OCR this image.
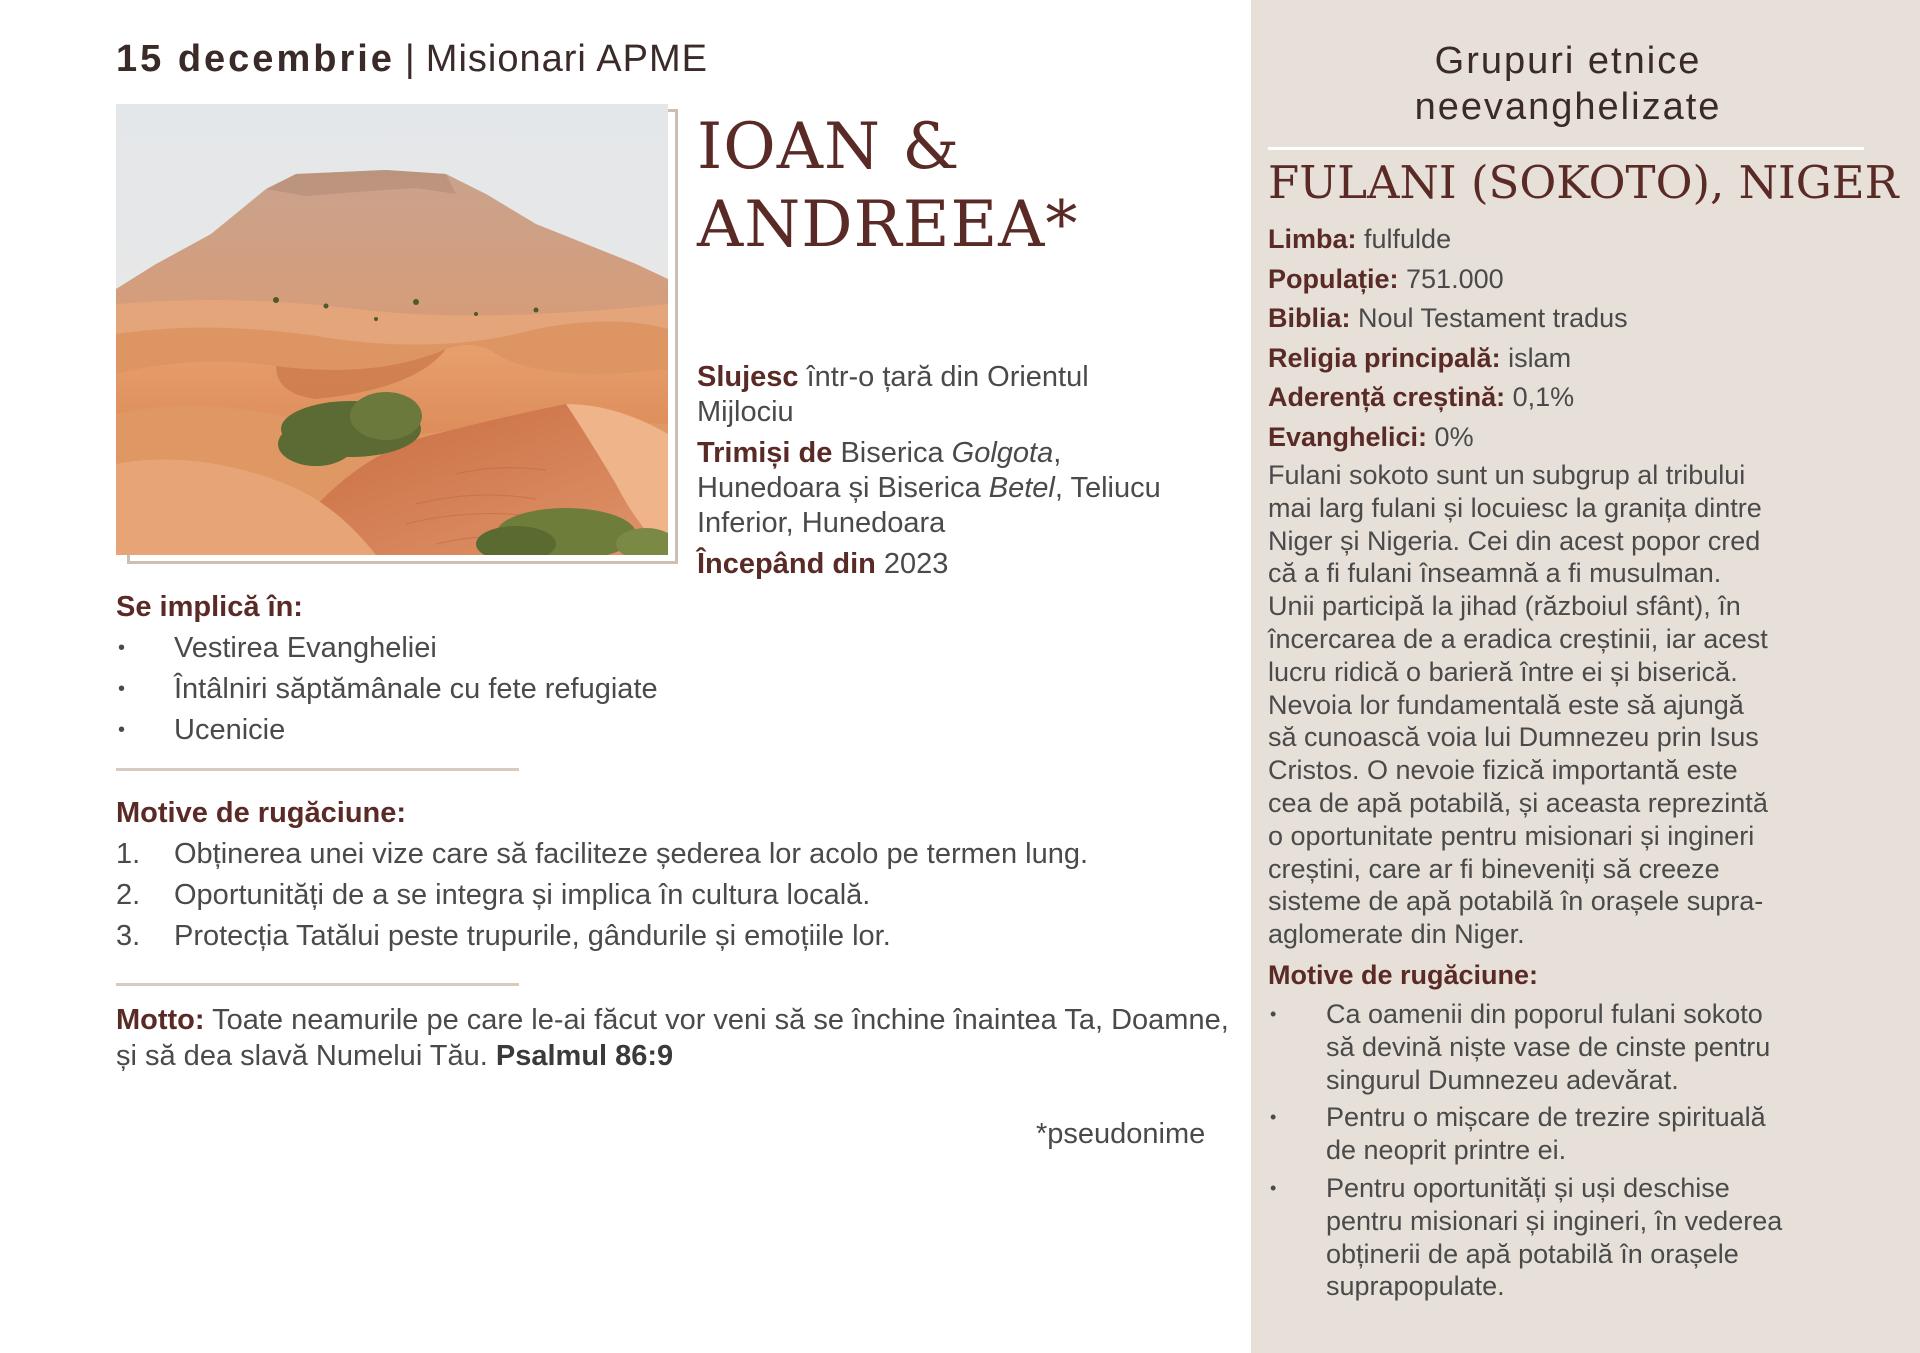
15 decembrie | Misionari APME
IOAN &
ANDREEA*

Slujesc într-o țară din Orientul
Mijlociu

Trimiși de Biserica Golgota,
Hunedoara și Biserica Betel, Teliucu
Inferior, Hunedoara

Începând din 2023

Se implică în:
• Vestirea Evangheliei
• Întâlniri săptămânale cu fete refugiate
• Ucenicie
Motive de rugăciune:
1. Obținerea unei vize care să faciliteze șederea lor acolo pe termen lung.
2. Oportunități de a se integra și implica în cultura locală.
3. Protecția Tatălui peste trupurile, gândurile și emoțiile lor.
Motto: Toate neamurile pe care le-ai făcut vor veni să se închine înaintea Ta, Doamne, și să dea slavă Numelui Tău. Psalmul 86:9
*pseudonime
Grupuri etnice
neevanghelizate
FULANI (SOKOTO), NIGER
Limba: fulfulde
Populație: 751.000
Biblia: Noul Testament tradus
Religia principală: islam
Aderență creștină: 0,1%
Evanghelici: 0%

Fulani sokoto sunt un subgrup al tribului
mai larg fulani și locuiesc la granița dintre
Niger și Nigeria. Cei din acest popor cred
că a fi fulani înseamnă a fi musulman.
Unii participă la jihad (războiul sfânt), în
încercarea de a eradica creștinii, iar acest
lucru ridică o barieră între ei și biserică.
Nevoia lor fundamentală este să ajungă
să cunoască voia lui Dumnezeu prin Isus
Cristos. O nevoie fizică importantă este
cea de apă potabilă, și aceasta reprezintă
o oportunitate pentru misionari și ingineri
creștini, care ar fi bineveniți să creeze
sisteme de apă potabilă în orașele supra-
aglomerate din Niger.

Motive de rugăciune:
• Ca oamenii din poporul fulani sokoto
să devină niște vase de cinste pentru
singurul Dumnezeu adevărat.
• Pentru o mișcare de trezire spirituală
de neoprit printre ei.
• Pentru oportunități și uși deschise
pentru misionari și ingineri, în vederea
obținerii de apă potabilă în orașele
suprapopulate.
